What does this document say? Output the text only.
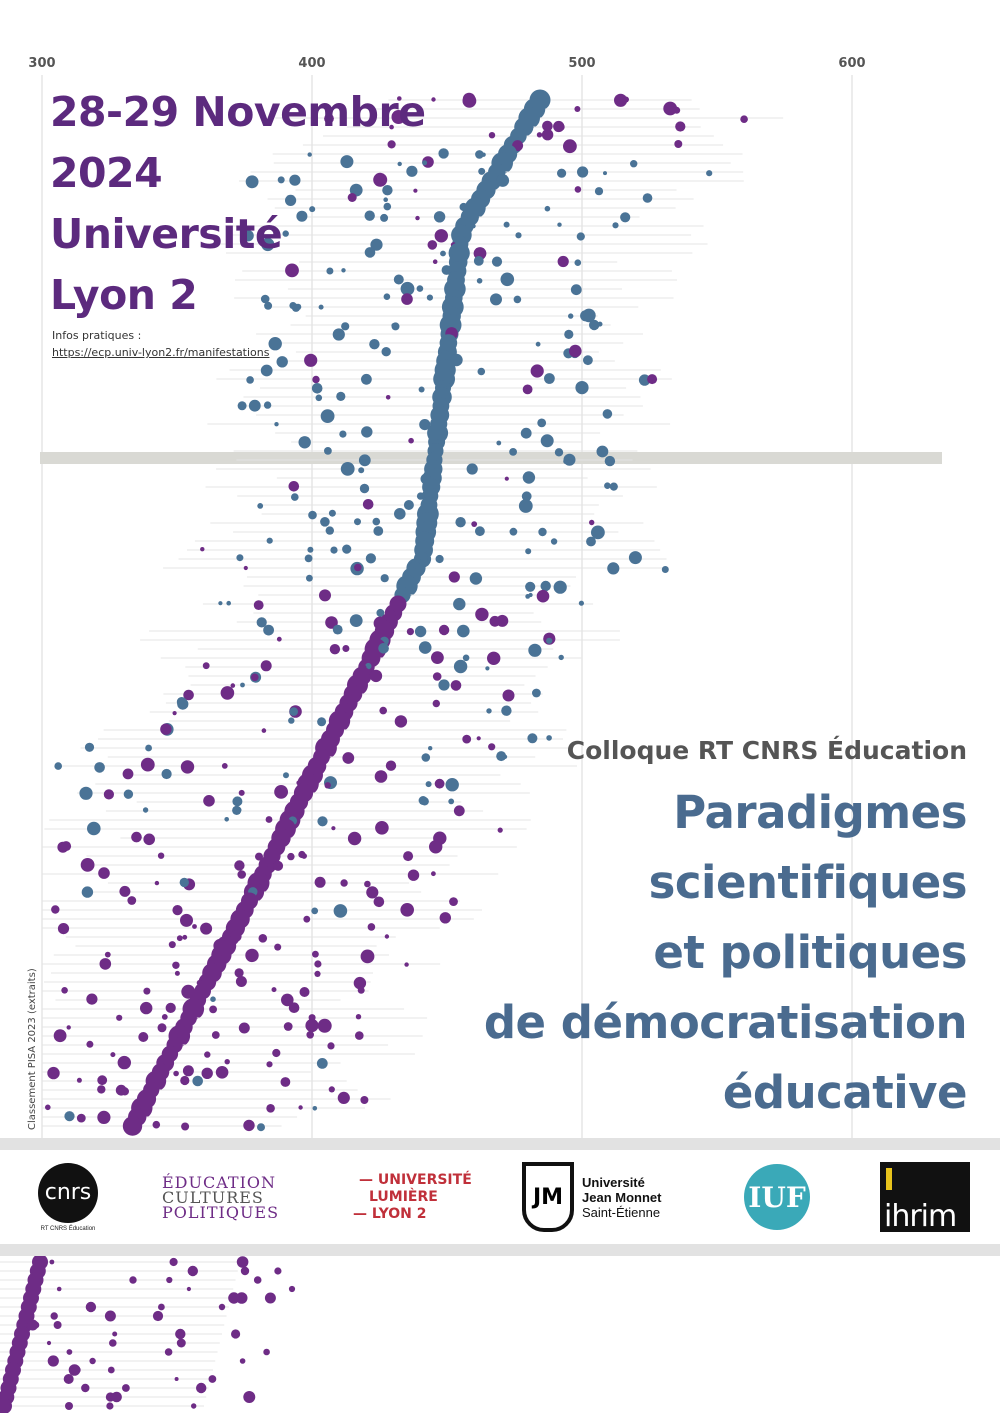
300	400	500	600
28-29 Novembre
2024
Université
Lyon 2
Infos pratiques :
https://ecp.univ-lyon2.fr/manifestations
Colloque RT CNRS Éducation
Paradigmes
scientifiques
et politiques
de démocratisation
éducative
Classement PISA 2023 (extraits)
cnrs
RT CNRS Éducation
ÉDUCATION
CULTURES
POLITIQUES
— UNIVERSITÉ
LUMIÈRE
— LYON 2
JM
Université
Jean Monnet
Saint-Étienne	IUF
ihrim
